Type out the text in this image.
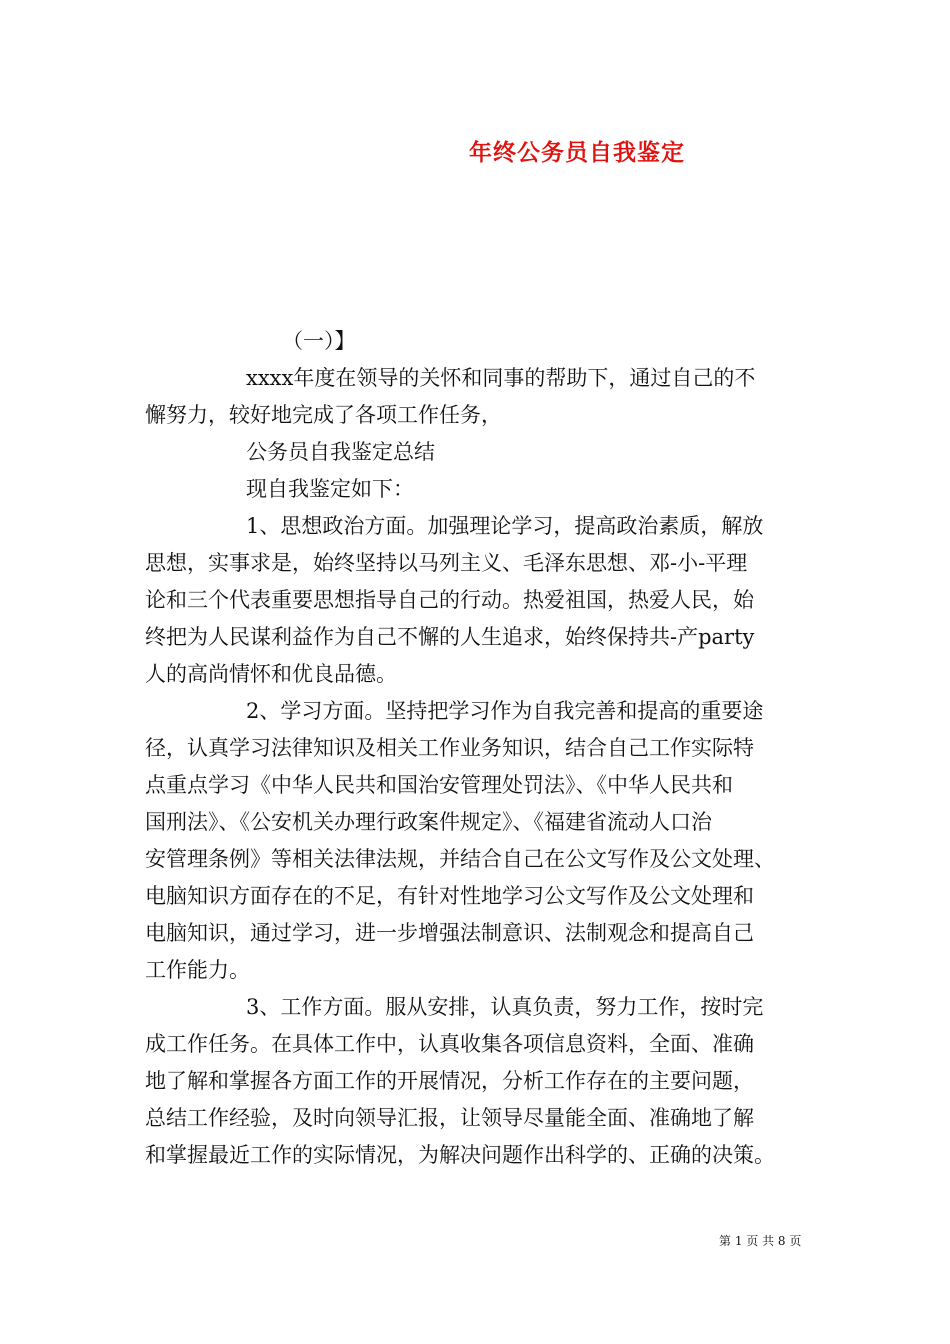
年终公务员自我鉴定
（一）】
xxxx年度在领导的关怀和同事的帮助下，通过自己的不
懈努力，较好地完成了各项工作任务，
公务员自我鉴定总结
现自我鉴定如下：
1、思想政治方面。加强理论学习，提高政治素质，解放
思想，实事求是，始终坚持以马列主义、毛泽东思想、邓-小-平理
论和三个代表重要思想指导自己的行动。热爱祖国，热爱人民，始
终把为人民谋利益作为自己不懈的人生追求，始终保持共-产party
人的高尚情怀和优良品德。
2、学习方面。坚持把学习作为自我完善和提高的重要途
径，认真学习法律知识及相关工作业务知识，结合自己工作实际特
点重点学习《中华人民共和国治安管理处罚法》、《中华人民共和
国刑法》、《公安机关办理行政案件规定》、《福建省流动人口治
安管理条例》等相关法律法规，并结合自己在公文写作及公文处理、
电脑知识方面存在的不足，有针对性地学习公文写作及公文处理和
电脑知识，通过学习，进一步增强法制意识、法制观念和提高自己
工作能力。
3、工作方面。服从安排，认真负责，努力工作，按时完
成工作任务。在具体工作中，认真收集各项信息资料，全面、准确
地了解和掌握各方面工作的开展情况，分析工作存在的主要问题，
总结工作经验，及时向领导汇报，让领导尽量能全面、准确地了解
和掌握最近工作的实际情况，为解决问题作出科学的、正确的决策。
第 1 页 共 8 页
